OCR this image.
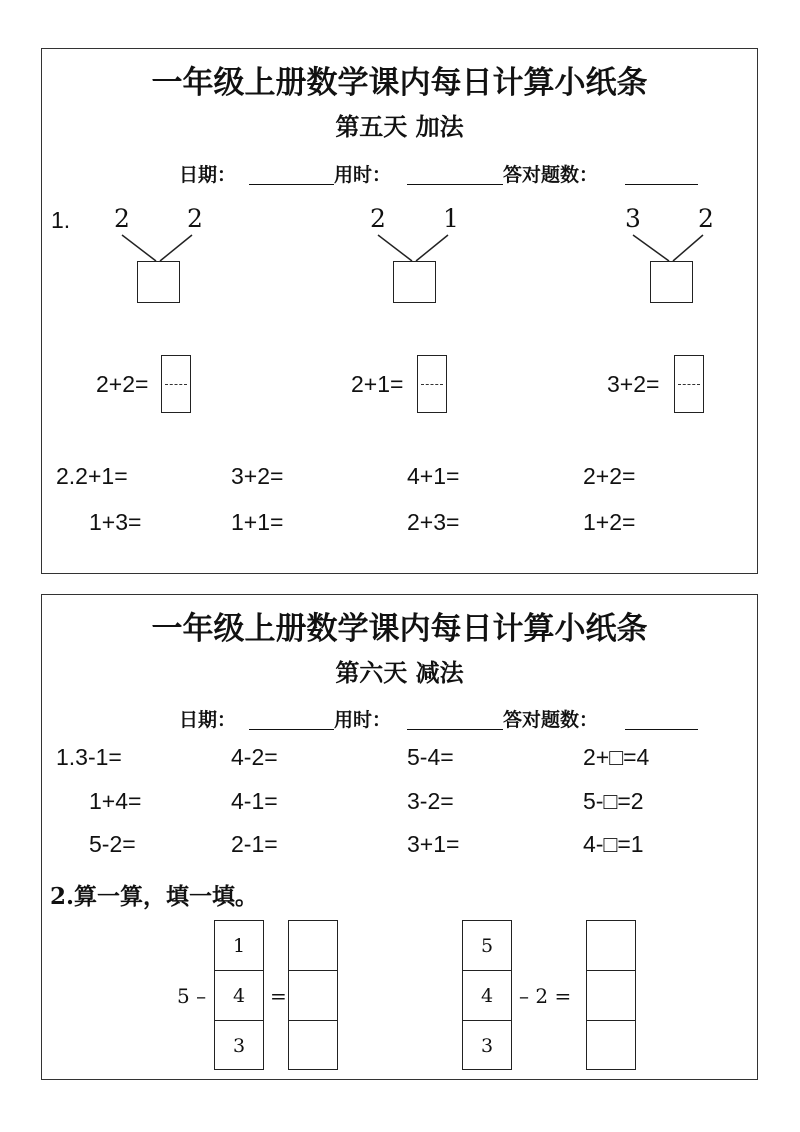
一年级上册数学课内每日计算小纸条
第五天 加法
日期：	用时：	答对题数：
1. 2 2	2 1	3 2
2+2=	2+1=	3+2=
2.2+1=	3+2=	4+1=	2+2=
1+3=	1+1=	2+3=	1+2=
一年级上册数学课内每日计算小纸条
第六天 减法
日期：	用时：	答对题数：
1.3-1=	4-2=	5-4=	2+□=4
1+4=	4-1=	3-2=	5-□=2
5-2=	2-1=	3+1=	4-□=1
2.算一算，填一填。
5 –
1
4
3
=
5
4
3
– 2 =
